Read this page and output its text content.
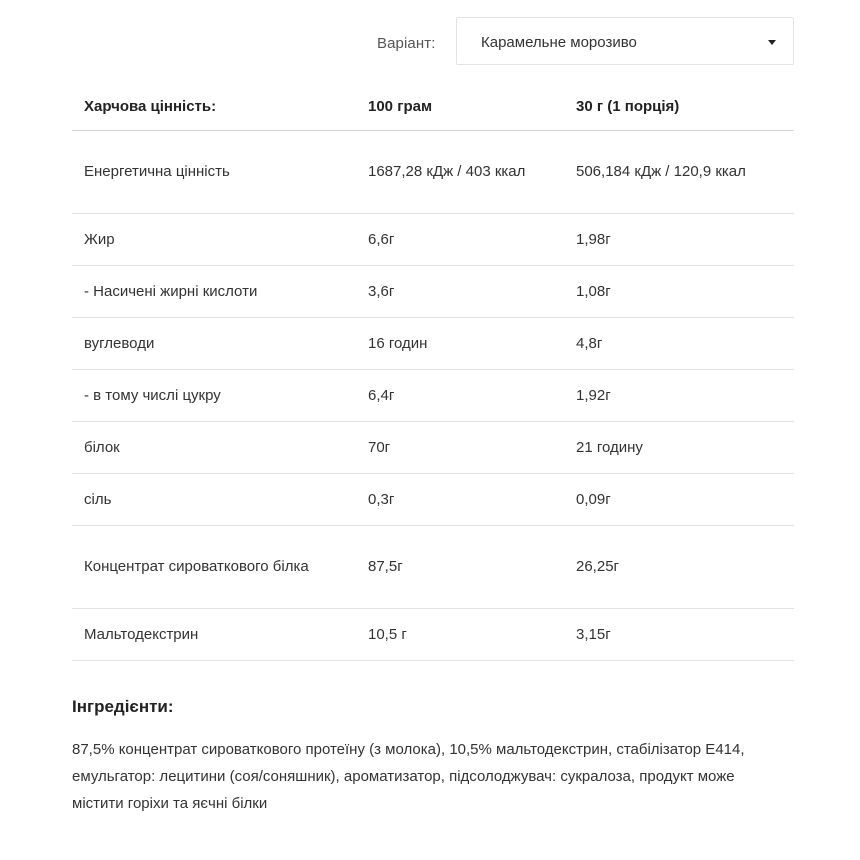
Варіант:	Карамельне морозиво
Харчова цінність:	100 грам	30 г (1 порція)
Енергетична цінність	1687,28 кДж / 403 ккал	506,184 кДж / 120,9 ккал
Жир	6,6г	1,98г
- Насичені жирні кислоти	3,6г	1,08г
вуглеводи	16 годин	4,8г
- в тому числі цукру	6,4г	1,92г
білок	70г	21 годину
сіль	0,3г	0,09г
Концентрат сироваткового білка	87,5г	26,25г
Мальтодекстрин	10,5 г	3,15г
Інгредієнти:
87,5% концентрат сироваткового протеїну (з молока), 10,5% мальтодекстрин, стабілізатор E414, емульгатор: лецитини (соя/соняшник), ароматизатор, підсолоджувач: сукралоза, продукт може містити горіхи та яєчні білки
